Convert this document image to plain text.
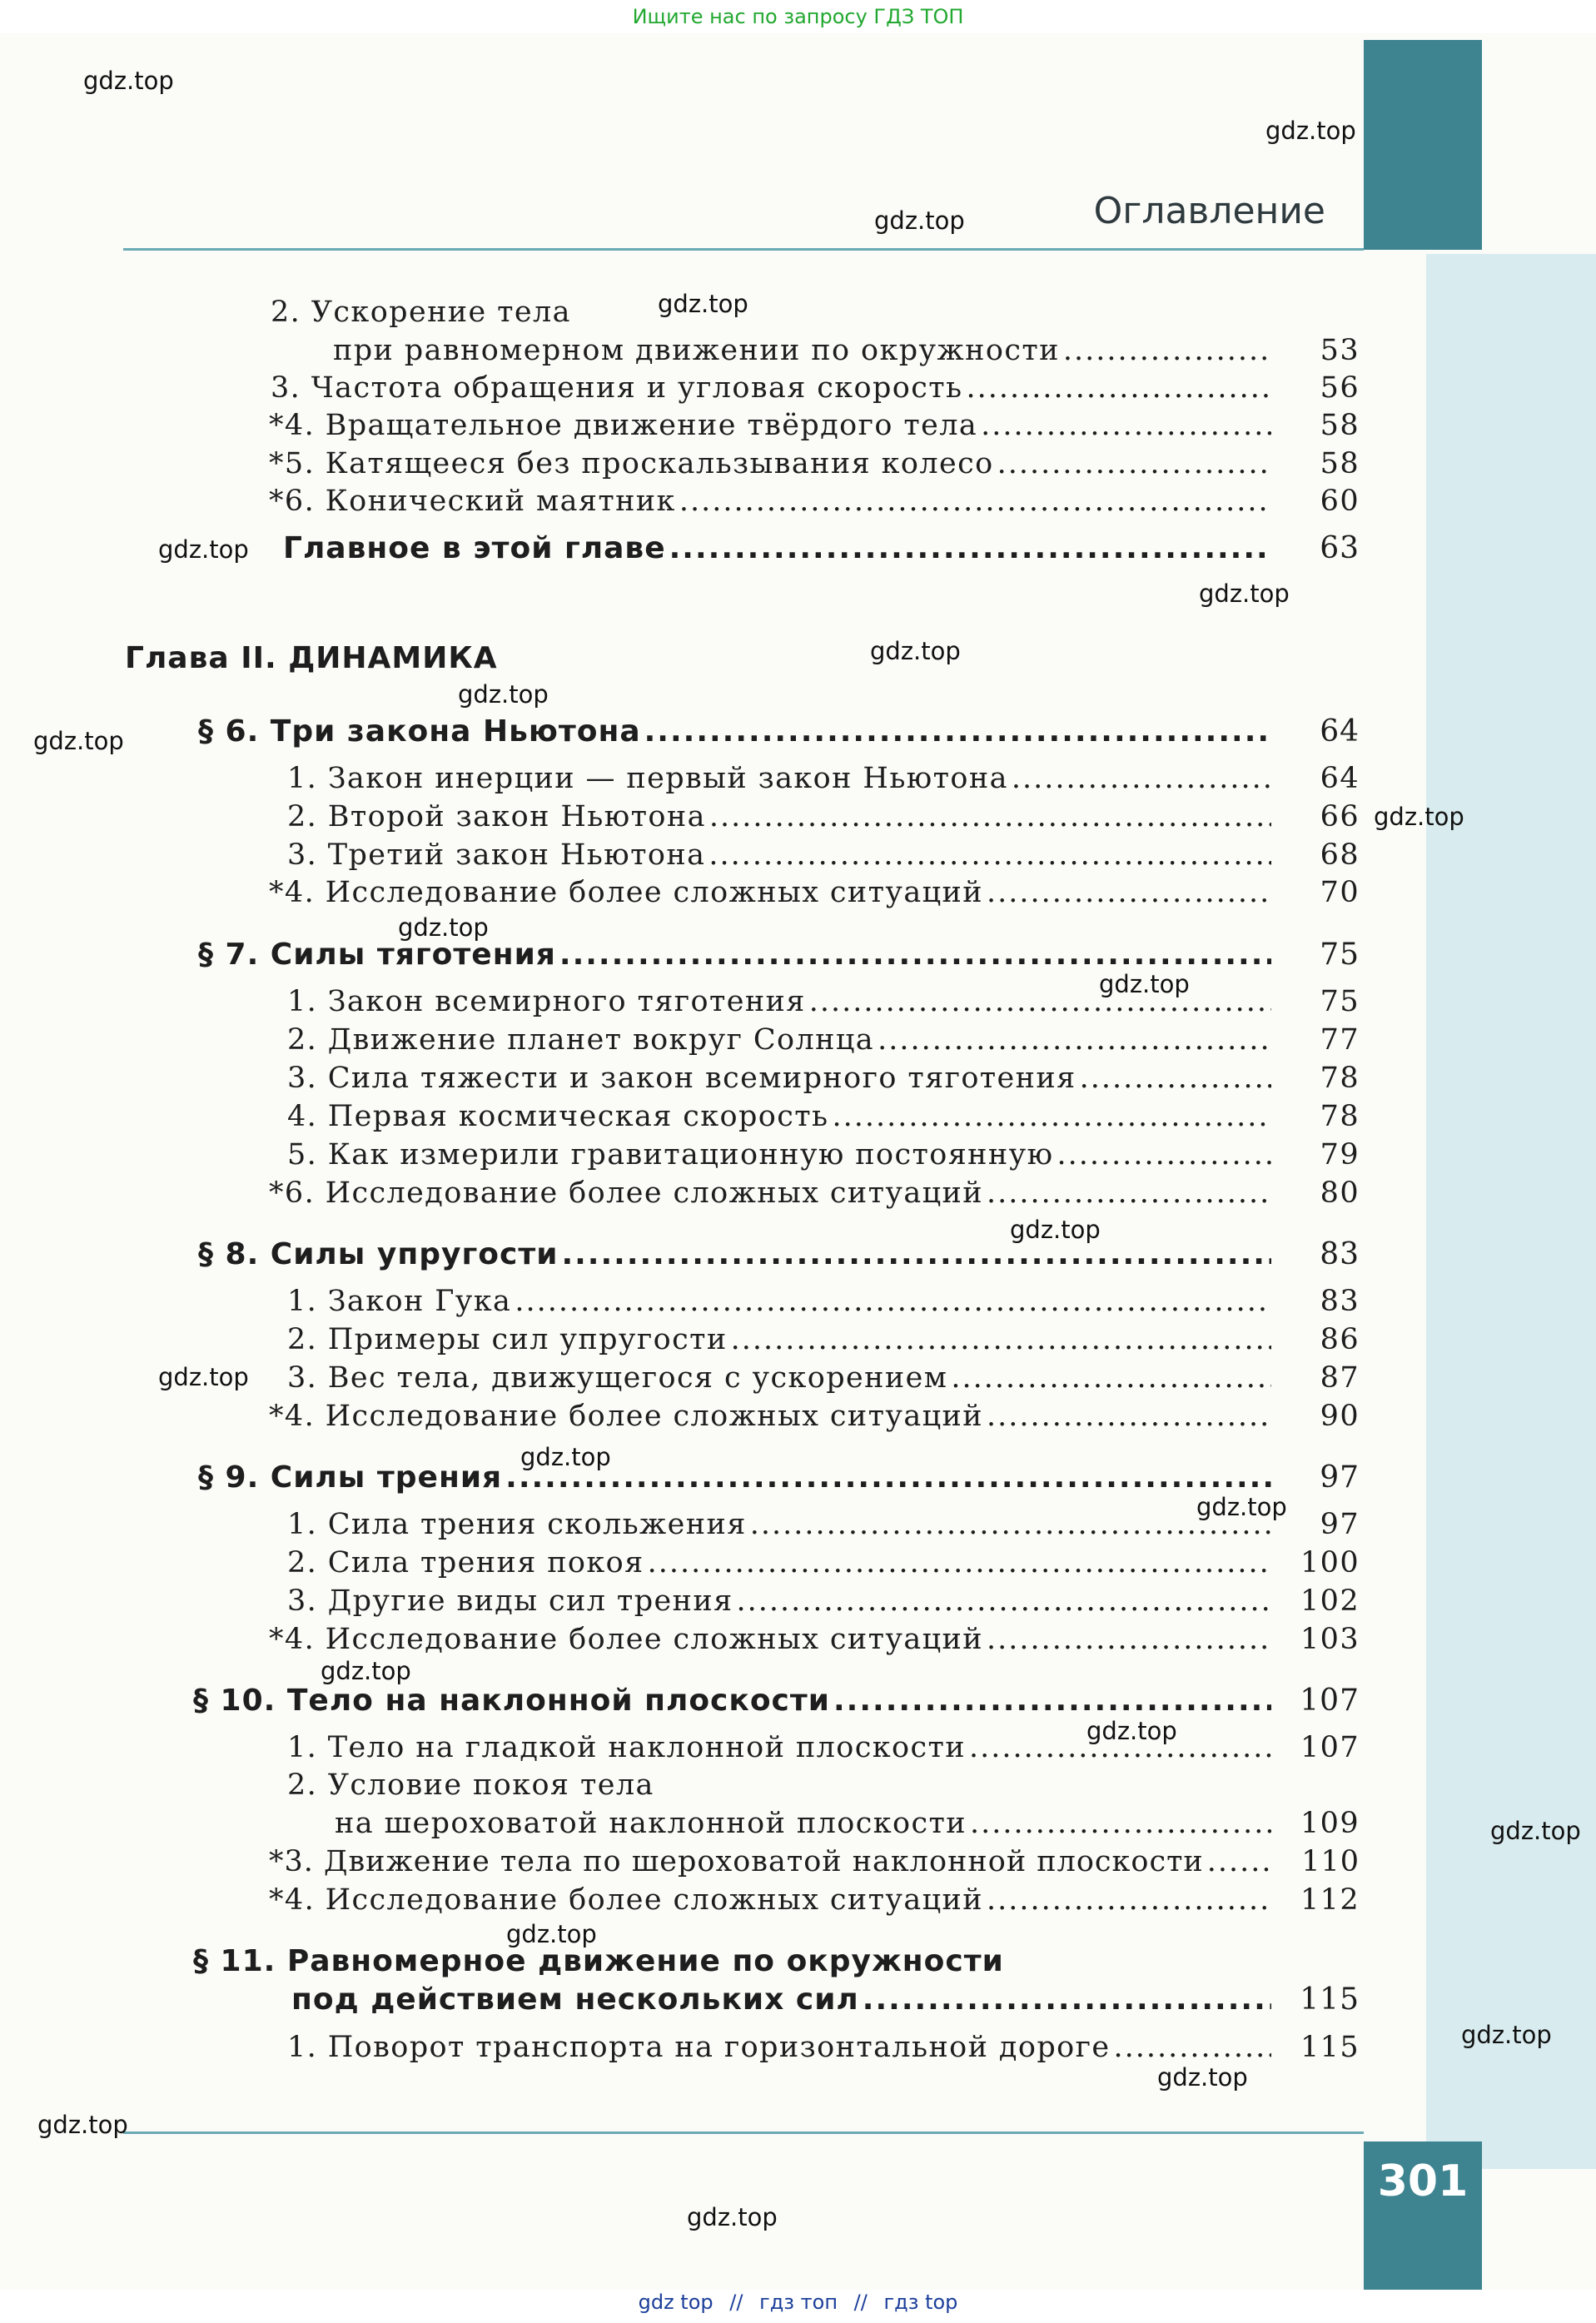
Ищите нас по запросу ГДЗ ТОП
301
Оглавление
2. Ускорение тела
при равномерном движении по окружности .....	53
3. Частота обращения и угловая скорость .....	56
*4. Вращательное движение твёрдого тела .....	58
*5. Катящееся без проскальзывания колесо .....	58
*6. Конический маятник .....	60
Главное в этой главе .....	63
Глава II. ДИНАМИКА
§ 6. Три закона Ньютона .....	64
1. Закон инерции — первый закон Ньютона .....	64
2. Второй закон Ньютона .....	66
3. Третий закон Ньютона .....	68
*4. Исследование более сложных ситуаций .....	70
§ 7. Силы тяготения .....	75
1. Закон всемирного тяготения .....	75
2. Движение планет вокруг Солнца .....	77
3. Сила тяжести и закон всемирного тяготения .....	78
4. Первая космическая скорость .....	78
5. Как измерили гравитационную постоянную .....	79
*6. Исследование более сложных ситуаций .....	80
§ 8. Силы упругости .....	83
1. Закон Гука .....	83
2. Примеры сил упругости .....	86
3. Вес тела, движущегося с ускорением .....	87
*4. Исследование более сложных ситуаций .....	90
§ 9. Силы трения .....	97
1. Сила трения скольжения .....	97
2. Сила трения покоя .....	100
3. Другие виды сил трения .....	102
*4. Исследование более сложных ситуаций .....	103
§ 10. Тело на наклонной плоскости .....	107
1. Тело на гладкой наклонной плоскости .....	107
2. Условие покоя тела
на шероховатой наклонной плоскости .....	109
*3. Движение тела по шероховатой наклонной плоскости .....	110
*4. Исследование более сложных ситуаций .....	112
§ 11. Равномерное движение по окружности
под действием нескольких сил .....	115
1. Поворот транспорта на горизонтальной дороге .....	115
gdz.top
gdz.top
gdz.top
gdz.top
gdz.top
gdz.top
gdz.top
gdz.top
gdz.top
gdz.top
gdz.top
gdz.top
gdz.top
gdz.top
gdz.top
gdz.top
gdz.top
gdz.top
gdz.top
gdz.top
gdz.top
gdz.top
gdz.top
gdz.top
gdz top // гдз топ // гдз top
